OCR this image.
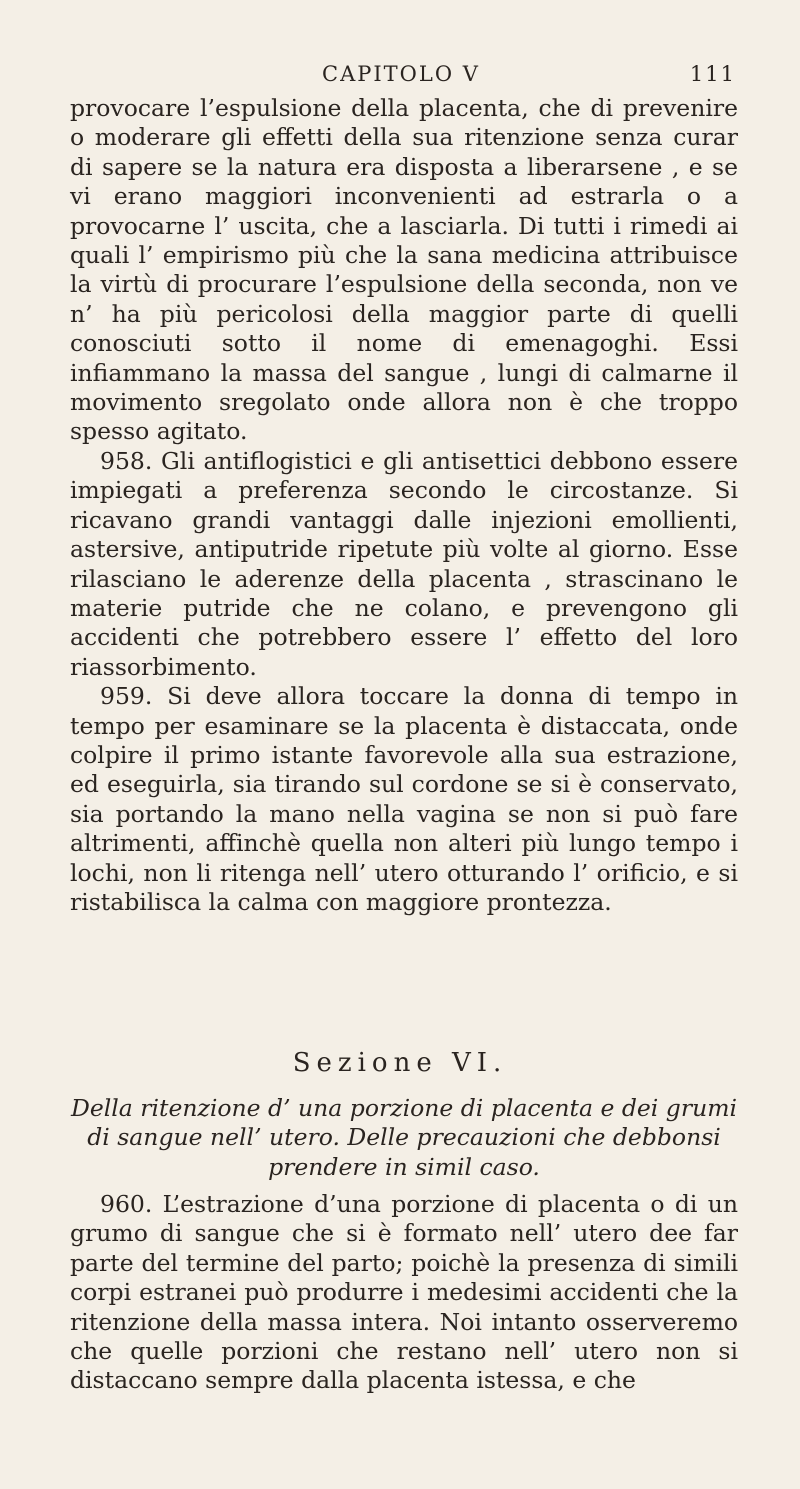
CAPITOLO V	111

provocare l’espulsione della placenta, che di prevenire o moderare gli effetti della sua ritenzione senza curar di sapere se la natura era disposta a liberarsene , e se vi erano maggiori inconvenienti ad estrarla o a provocarne l’ uscita, che a lasciarla. Di tutti i rimedi ai quali l’ empirismo più che la sana medicina attribuisce la virtù di procurare l’espulsione della seconda, non ve n’ ha più pericolosi della maggior parte di quelli conosciuti sotto il nome di emenagoghi. Essi infiammano la massa del sangue , lungi di calmarne il movimento sregolato onde allora non è che troppo spesso agitato.

958. Gli antiflogistici e gli antisettici debbono essere impiegati a preferenza secondo le circostanze. Si ricavano grandi vantaggi dalle injezioni emollienti, astersive, antiputride ripetute più volte al giorno. Esse rilasciano le aderenze della placenta , strascinano le materie putride che ne colano, e prevengono gli accidenti che potrebbero essere l’ effetto del loro riassorbimento.

959. Si deve allora toccare la donna di tempo in tempo per esaminare se la placenta è distaccata, onde colpire il primo istante favorevole alla sua estrazione, ed eseguirla, sia tirando sul cordone se si è conservato, sia portando la mano nella vagina se non si può fare altrimenti, affinchè quella non alteri più lungo tempo i lochi, non li ritenga nell’ utero otturando l’ orificio, e si ristabilisca la calma con maggiore prontezza.

Sezione VI.
Della ritenzione d’ una porzione di placenta e dei grumi di sangue nell’ utero. Delle precauzioni che debbonsi prendere in simil caso.

960. L’estrazione d’una porzione di placenta o di un grumo di sangue che si è formato nell’ utero dee far parte del termine del parto; poichè la presenza di simili corpi estranei può produrre i medesimi accidenti che la ritenzione della massa intera. Noi intanto osserveremo che quelle porzioni che restano nell’ utero non si distaccano sempre dalla placenta istessa, e che
